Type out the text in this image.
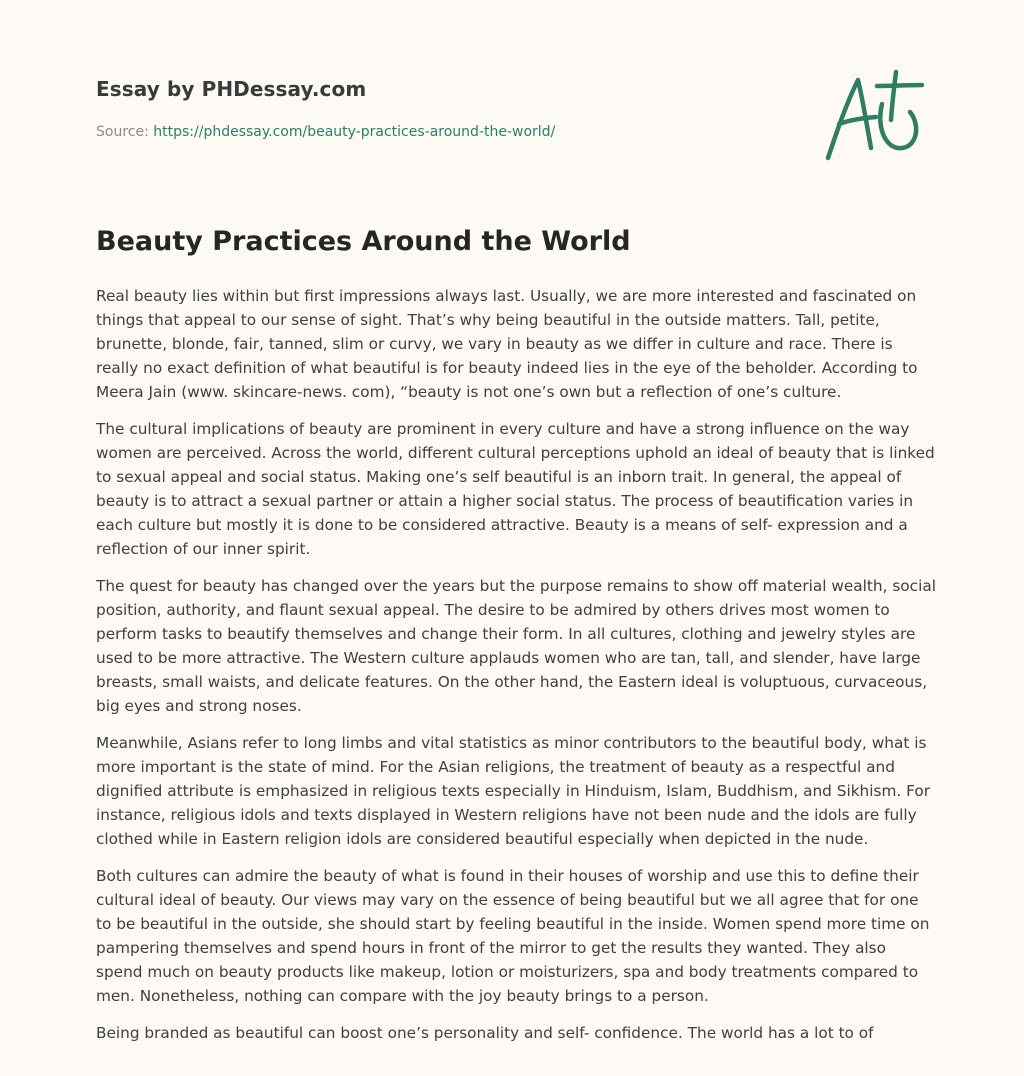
Essay by PHDessay.com
Source: https://phdessay.com/beauty-practices-around-the-world/
Beauty Practices Around the World

Real beauty lies within but first impressions always last. Usually, we are more interested and fascinated on things that appeal to our sense of sight. That’s why being beautiful in the outside matters. Tall, petite, brunette, blonde, fair, tanned, slim or curvy, we vary in beauty as we differ in culture and race. There is really no exact definition of what beautiful is for beauty indeed lies in the eye of the beholder. According to Meera Jain (www. skincare-news. com), “beauty is not one’s own but a reflection of one’s culture.

The cultural implications of beauty are prominent in every culture and have a strong influence on the way women are perceived. Across the world, different cultural perceptions uphold an ideal of beauty that is linked to sexual appeal and social status. Making one’s self beautiful is an inborn trait. In general, the appeal of beauty is to attract a sexual partner or attain a higher social status. The process of beautification varies in each culture but mostly it is done to be considered attractive. Beauty is a means of self- expression and a reflection of our inner spirit.

The quest for beauty has changed over the years but the purpose remains to show off material wealth, social position, authority, and flaunt sexual appeal. The desire to be admired by others drives most women to perform tasks to beautify themselves and change their form. In all cultures, clothing and jewelry styles are used to be more attractive. The Western culture applauds women who are tan, tall, and slender, have large breasts, small waists, and delicate features. On the other hand, the Eastern ideal is voluptuous, curvaceous, big eyes and strong noses.

Meanwhile, Asians refer to long limbs and vital statistics as minor contributors to the beautiful body, what is more important is the state of mind. For the Asian religions, the treatment of beauty as a respectful and dignified attribute is emphasized in religious texts especially in Hinduism, Islam, Buddhism, and Sikhism. For instance, religious idols and texts displayed in Western religions have not been nude and the idols are fully clothed while in Eastern religion idols are considered beautiful especially when depicted in the nude.

Both cultures can admire the beauty of what is found in their houses of worship and use this to define their cultural ideal of beauty. Our views may vary on the essence of being beautiful but we all agree that for one to be beautiful in the outside, she should start by feeling beautiful in the inside. Women spend more time on pampering themselves and spend hours in front of the mirror to get the results they wanted. They also spend much on beauty products like makeup, lotion or moisturizers, spa and body treatments compared to men. Nonetheless, nothing can compare with the joy beauty brings to a person.

Being branded as beautiful can boost one’s personality and self- confidence. The world has a lot to of
